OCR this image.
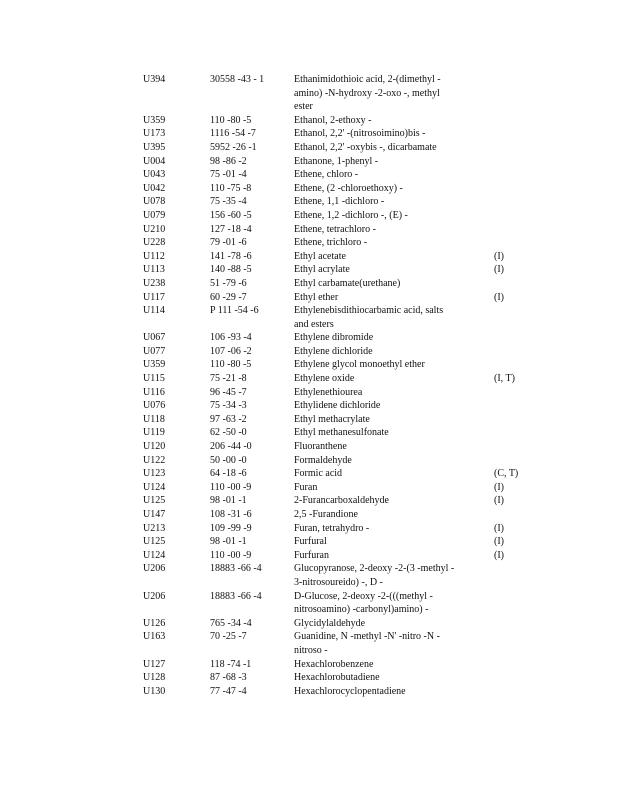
U394	30558 -43 - 1	Ethanimidothioic acid, 2-(dimethyl -
amino) -N-hydroxy -2-oxo -, methyl
ester
U359	110 -80 -5	Ethanol, 2-ethoxy -
U173	1116 -54 -7	Ethanol, 2,2' -(nitrosoimino)bis -
U395	5952 -26 -1	Ethanol, 2,2' -oxybis -, dicarbamate
U004	98 -86 -2	Ethanone, 1-phenyl -
U043	75 -01 -4	Ethene, chloro -
U042	110 -75 -8	Ethene, (2 -chloroethoxy) -
U078	75 -35 -4	Ethene, 1,1 -dichloro -
U079	156 -60 -5	Ethene, 1,2 -dichloro -, (E) -
U210	127 -18 -4	Ethene, tetrachloro -
U228	79 -01 -6	Ethene, trichloro -
U112	141 -78 -6	Ethyl acetate	(I)
U113	140 -88 -5	Ethyl acrylate	(I)
U238	51 -79 -6	Ethyl carbamate(urethane)
U117	60 -29 -7	Ethyl ether	(I)
U114	P 111 -54 -6	Ethylenebisdithiocarbamic acid, salts
and esters
U067	106 -93 -4	Ethylene dibromide
U077	107 -06 -2	Ethylene dichloride
U359	110 -80 -5	Ethylene glycol monoethyl ether
U115	75 -21 -8	Ethylene oxide	(I, T)
U116	96 -45 -7	Ethylenethiourea
U076	75 -34 -3	Ethylidene dichloride
U118	97 -63 -2	Ethyl methacrylate
U119	62 -50 -0	Ethyl methanesulfonate
U120	206 -44 -0	Fluoranthene
U122	50 -00 -0	Formaldehyde
U123	64 -18 -6	Formic acid	(C, T)
U124	110 -00 -9	Furan	(I)
U125	98 -01 -1	2-Furancarboxaldehyde	(I)
U147	108 -31 -6	2,5 -Furandione
U213	109 -99 -9	Furan, tetrahydro -	(I)
U125	98 -01 -1	Furfural	(I)
U124	110 -00 -9	Furfuran	(I)
U206	18883 -66 -4	Glucopyranose, 2-deoxy -2-(3 -methyl -
3-nitrosoureido) -, D -
U206	18883 -66 -4	D-Glucose, 2-deoxy -2-(((methyl -
nitrosoamino) -carbonyl)amino) -
U126	765 -34 -4	Glycidylaldehyde
U163	70 -25 -7	Guanidine, N -methyl -N' -nitro -N -
nitroso -
U127	118 -74 -1	Hexachlorobenzene
U128	87 -68 -3	Hexachlorobutadiene
U130	77 -47 -4	Hexachlorocyclopentadiene
